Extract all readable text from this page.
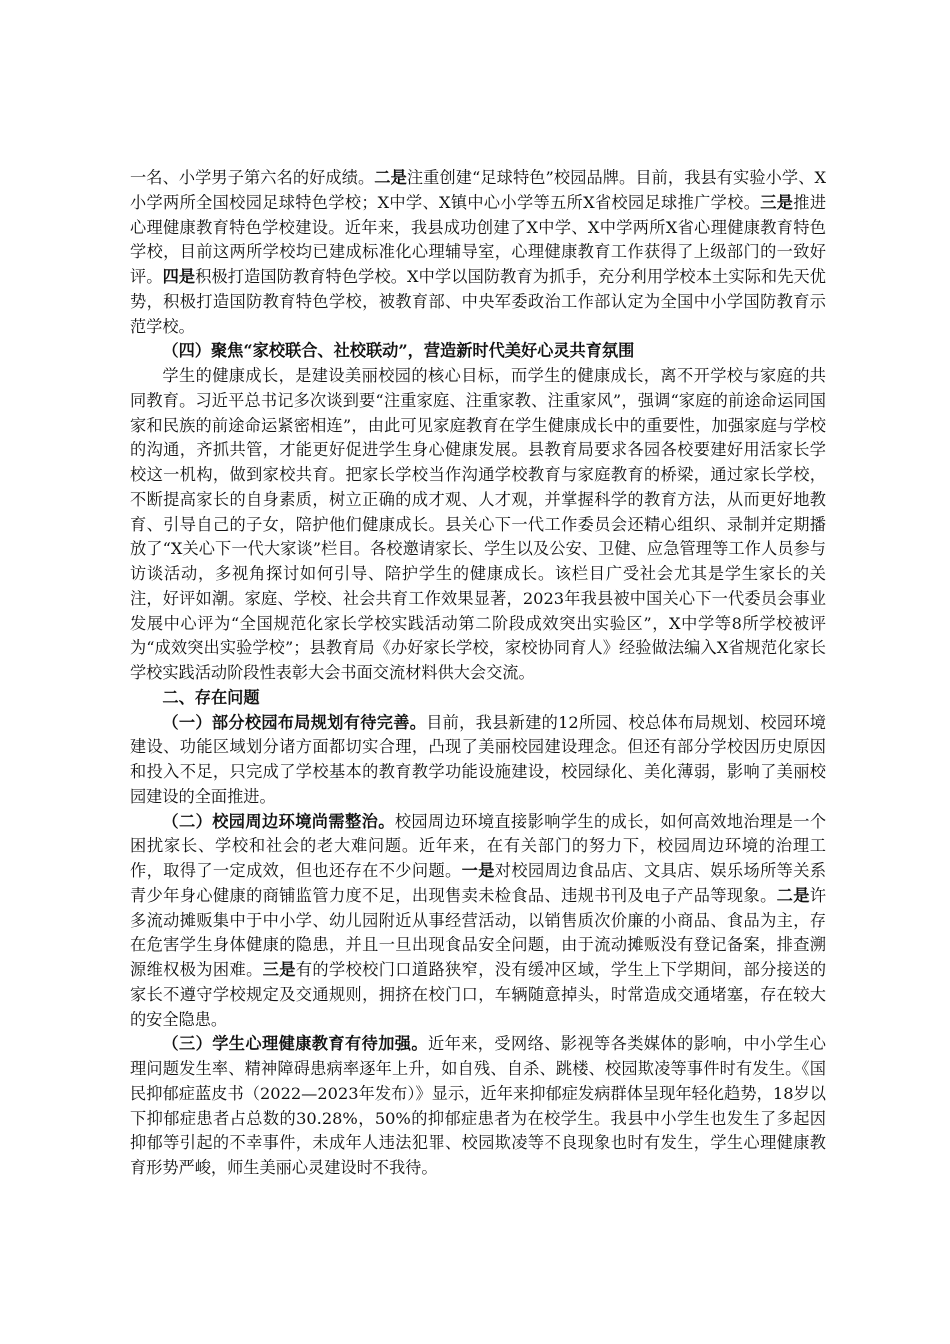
一名、小学男子第六名的好成绩。二是注重创建“足球特色”校园品牌。目前，我县有实验小学、X小学两所全国校园足球特色学校；X中学、X镇中心小学等五所X省校园足球推广学校。三是推进心理健康教育特色学校建设。近年来，我县成功创建了X中学、X中学两所X省心理健康教育特色学校，目前这两所学校均已建成标准化心理辅导室，心理健康教育工作获得了上级部门的一致好评。四是积极打造国防教育特色学校。X中学以国防教育为抓手，充分利用学校本土实际和先天优势，积极打造国防教育特色学校，被教育部、中央军委政治工作部认定为全国中小学国防教育示范学校。

（四）聚焦“家校联合、社校联动”，营造新时代美好心灵共育氛围

学生的健康成长，是建设美丽校园的核心目标，而学生的健康成长，离不开学校与家庭的共同教育。习近平总书记多次谈到要“注重家庭、注重家教、注重家风”，强调“家庭的前途命运同国家和民族的前途命运紧密相连”，由此可见家庭教育在学生健康成长中的重要性，加强家庭与学校的沟通，齐抓共管，才能更好促进学生身心健康发展。县教育局要求各园各校要建好用活家长学校这一机构，做到家校共育。把家长学校当作沟通学校教育与家庭教育的桥梁，通过家长学校，不断提高家长的自身素质，树立正确的成才观、人才观，并掌握科学的教育方法，从而更好地教育、引导自己的子女，陪护他们健康成长。县关心下一代工作委员会还精心组织、录制并定期播放了“X关心下一代大家谈”栏目。各校邀请家长、学生以及公安、卫健、应急管理等工作人员参与访谈活动，多视角探讨如何引导、陪护学生的健康成长。该栏目广受社会尤其是学生家长的关注，好评如潮。家庭、学校、社会共育工作效果显著，2023年我县被中国关心下一代委员会事业发展中心评为“全国规范化家长学校实践活动第二阶段成效突出实验区”，X中学等8所学校被评为“成效突出实验学校”；县教育局《办好家长学校，家校协同育人》经验做法编入X省规范化家长学校实践活动阶段性表彰大会书面交流材料供大会交流。

二、存在问题

（一）部分校园布局规划有待完善。目前，我县新建的12所园、校总体布局规划、校园环境建设、功能区域划分诸方面都切实合理，凸现了美丽校园建设理念。但还有部分学校因历史原因和投入不足，只完成了学校基本的教育教学功能设施建设，校园绿化、美化薄弱，影响了美丽校园建设的全面推进。

（二）校园周边环境尚需整治。校园周边环境直接影响学生的成长，如何高效地治理是一个困扰家长、学校和社会的老大难问题。近年来，在有关部门的努力下，校园周边环境的治理工作，取得了一定成效，但也还存在不少问题。一是对校园周边食品店、文具店、娱乐场所等关系青少年身心健康的商铺监管力度不足，出现售卖未检食品、违规书刊及电子产品等现象。二是许多流动摊贩集中于中小学、幼儿园附近从事经营活动，以销售质次价廉的小商品、食品为主，存在危害学生身体健康的隐患，并且一旦出现食品安全问题，由于流动摊贩没有登记备案，排查溯源维权极为困难。三是有的学校校门口道路狭窄，没有缓冲区域，学生上下学期间，部分接送的家长不遵守学校规定及交通规则，拥挤在校门口，车辆随意掉头，时常造成交通堵塞，存在较大的安全隐患。

（三）学生心理健康教育有待加强。近年来，受网络、影视等各类媒体的影响，中小学生心理问题发生率、精神障碍患病率逐年上升，如自残、自杀、跳楼、校园欺凌等事件时有发生。《国民抑郁症蓝皮书（2022—2023年发布）》显示，近年来抑郁症发病群体呈现年轻化趋势，18岁以下抑郁症患者占总数的30.28%，50%的抑郁症患者为在校学生。我县中小学生也发生了多起因抑郁等引起的不幸事件，未成年人违法犯罪、校园欺凌等不良现象也时有发生，学生心理健康教育形势严峻，师生美丽心灵建设时不我待。
